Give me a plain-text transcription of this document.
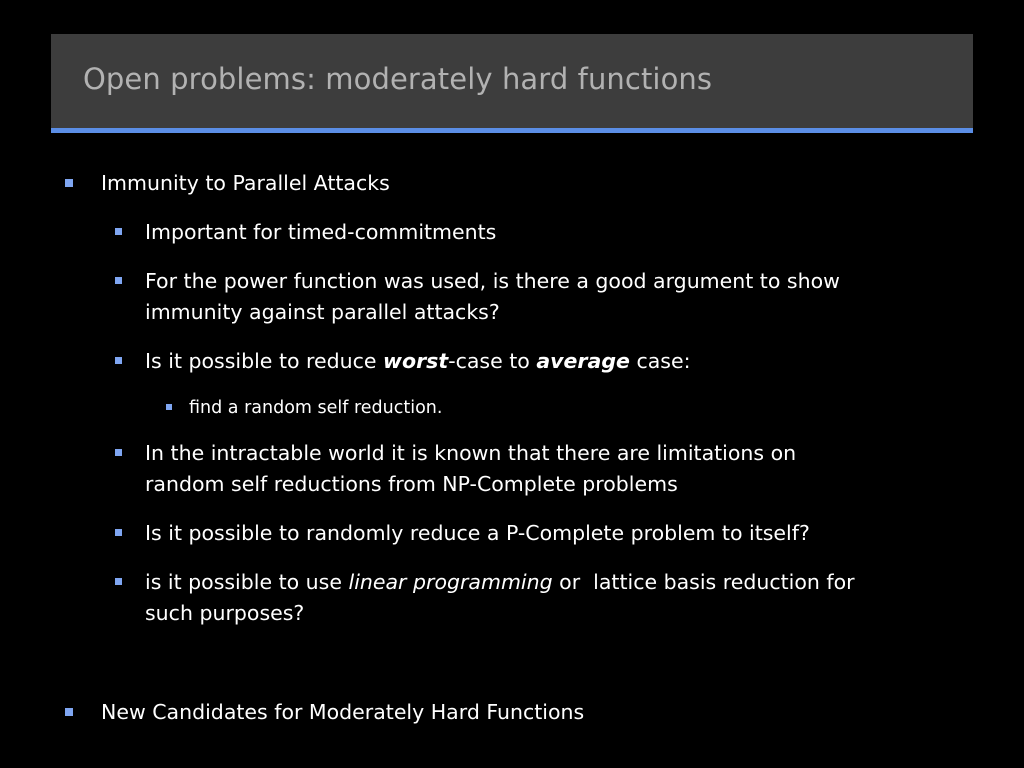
Open problems: moderately hard functions
Immunity to Parallel Attacks
Important for timed-commitments
For the power function was used, is there a good argument to show
immunity against parallel attacks?
Is it possible to reduce worst-case to average case:
find a random self reduction.
In the intractable world it is known that there are limitations on
random self reductions from NP-Complete problems
Is it possible to randomly reduce a P-Complete problem to itself?
is it possible to use linear programming or  lattice basis reduction for
such purposes?
New Candidates for Moderately Hard Functions
